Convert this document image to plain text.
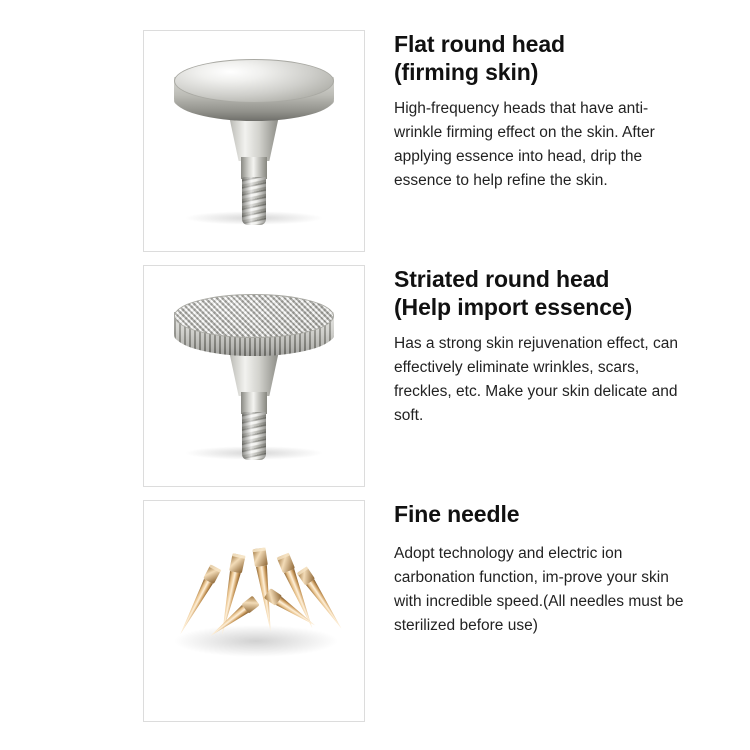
Flat round head
(firming skin)
High-frequency heads that have anti-wrinkle firming effect on the skin. After applying essence into head, drip the essence to help refine the skin.
Striated round head
(Help import essence)
Has a strong skin rejuvenation effect, can effectively eliminate wrinkles, scars, freckles, etc. Make your skin delicate and soft.
Fine needle
Adopt technology and electric ion carbonation function, im-prove your skin with incredible speed.(All needles must be sterilized before use)
